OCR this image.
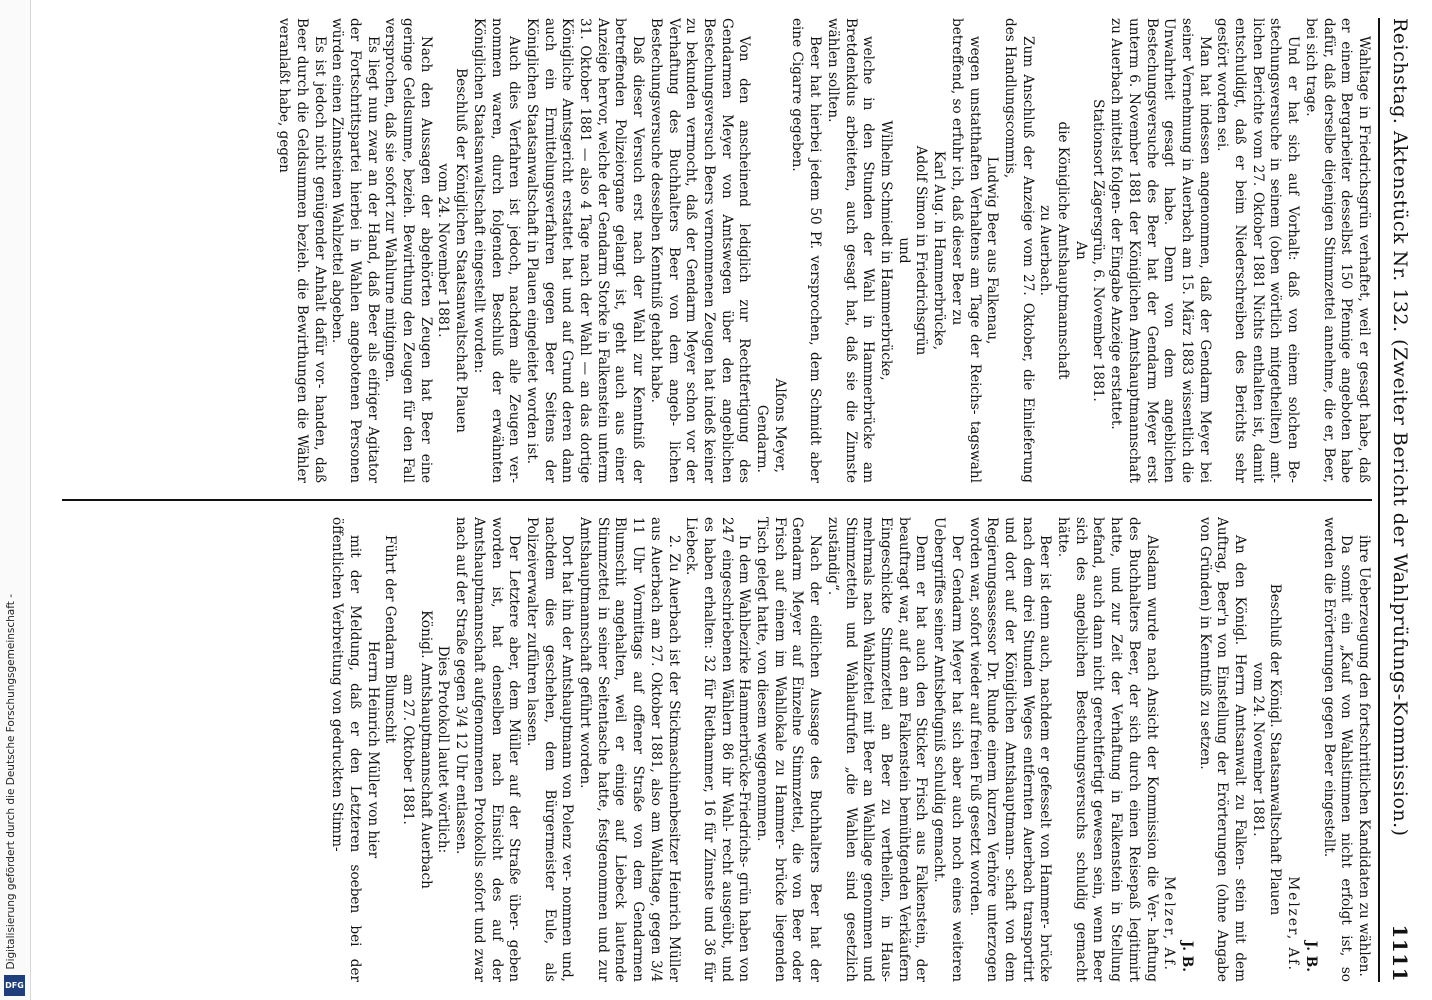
Digitalisierung gefördert durch die Deutsche Forschungsgemeinschaft -
DFG
Reichstag. Aktenstück Nr. 132. (Zweiter Bericht der Wahlprüfungs-Kommission.)
1111

Wahltage in Friedrichsgrün verhaftet, weil er gesagt habe, daß er einem Bergarbeiter desselbst 150 Pfennige angeboten habe dafür, daß derselbe diejenigen Stimmzettel annehme, die er, Beer, bei sich trage.

Und er hat sich auf Vorhalt: daß von einem solchen Be- stechungsversuche in seinem (oben wörtlich mitgetheilten) amt- lichen Berichte vom 27. Oktober 1881 Nichts enthalten ist, damit entschuldigt, daß er beim Niederschreiben des Berichts sehr gestört worden sei.

Man hat indessen angenommen, daß der Gendarm Meyer bei seiner Vernehmung in Auerbach am 15. März 1883 wissentlich die Unwahrheit gesagt habe. Denn von dem angeblichen Bestechungsversuche des Beer hat der Gendarm Meyer erst unterm 6. November 1881 der Königlichen Amtshauptmannschaft zu Auerbach mittelst folgen- der Eingabe Anzeige erstattet.

Stationsort Zägersgrün, 6. November 1881.

An

die Königliche Amtshauptmannschaft

zu Auerbach.

Zum Anschluß der Anzeige vom 27. Oktober, die Einlieferung des Handlungscommis,

Ludwig Beer aus Falkenau,

wegen unstatthaften Verhaltens am Tage der Reichs- tagswahl betreffend, so erfuhr ich, daß dieser Beer zu

Karl Aug. in Hammerbrücke,

Adolf Simon in Friedrichsgrün

und

Wilhelm Schmiedt in Hammerbrücke,

welche in den Stunden der Wahl in Hammerbrücke am Bretdenkdus arbeiteten, auch gesagt hat, daß sie die Zinnste wählen sollten.

Beer hat hierbei jedem 50 Pf. versprochen, dem Schmidt aber eine Cigarre gegeben.

Alfons Meyer,

Gendarm.

Von den anscheinend lediglich zur Rechtfertigung des Gendarmen Meyer von Amtswegen über den angeblichen Bestechungsversuch Beers vernommenen Zeugen hat indeß keiner zu bekunden vermocht, daß der Gendarm Meyer schon vor der Verhaftung des Buchhalters Beer von dem angeb- lichen Bestechungsversuche desselben Kenntniß gehabt habe.

Daß dieser Versuch erst nach der Wahl zur Kenntniß der betreffenden Polizeiorgane gelangt ist, geht auch aus einer Anzeige hervor, welche der Gendarm Storke in Falkenstein unterm 31. Oktober 1881 — also 4 Tage nach der Wahl — an das dortige Königliche Amtsgericht erstattet hat und auf Grund deren dann auch ein Ermittelungsverfahren gegen Beer Seitens der Königlichen Staatsanwaltschaft in Plauen eingeleitet worden ist.

Auch dies Verfahren ist jedoch, nachdem alle Zeugen ver- nommen waren, durch folgenden Beschluß der erwähnten Königlichen Staatsanwaltschaft eingestellt worden:

Beschluß der Königlichen Staatsanwaltschaft Plauen

vom 24. November 1881.

Nach den Aussagen der abgehörten Zeugen hat Beer eine geringe Geldsumme, bezieh. Bewirthung den Zeugen für den Fall versprochen, daß sie sofort zur Wahlurne mitgingen.

Es liegt nun zwar an der Hand, daß Beer als eifriger Agitator der Fortschrittspartei hierbei in Wahlen angebotenen Personen würden einen Zinnsteinen Wahlzettel abgeben.

Es ist jedoch nicht genügender Anhalt dafür vor- handen, daß Beer durch die Geldsummen bezieh. die Bewirthungen die Wähler veranlaßt habe, gegen

ihre Ueberzeugung den fortschrittlichen Kandidaten zu wählen.

Da somit ein „Kauf von Wahlstimmen nicht erfolgt ist, so werden die Erörterungen gegen Beer eingestellt.

J. B.

Melzer, Af.

Beschluß der Königl. Staatsanwaltschaft Plauen

vom 24. November 1881.

An den Königl. Herrn Amtsanwalt zu Falken- stein mit dem Auftrag, Beer'n von Einstellung der Erörterungen (ohne Angabe von Gründen) in Kenntniß zu setzen.

J. B.

Melzer, Af.

Alsdann wurde nach Ansicht der Kommission die Ver- haftung des Buchhalters Beer, der sich durch einen Reisepaß legitimirt hatte, und zur Zeit der Verhaftung in Falkenstein in Stellung befand, auch dann nicht gerechtfertigt gewesen sein, wenn Beer sich des angeblichen Bestechungsversuchs schuldig gemacht hätte.

Beer ist denn auch, nachdem er gefesselt von Hammer- brücke nach dem drei Stunden Weges entfernten Auerbach transportirt und dort auf der Königlichen Amtshauptmann- schaft von dem Regierungsassessor Dr. Runde einem kurzen Verhöre unterzogen worden war, sofort wieder auf freien Fuß gesetzt worden.

Der Gendarm Meyer hat sich aber auch noch eines weiteren Uebergriffes seiner Amtsbefugniß schuldig gemacht.

Denn er hat auch den Sticker Frisch aus Falkenstein, der beauftragt war, auf den am Falkenstein bemühtgenden Verkäufern Eingeschickte Stimmzettel an Beer zu vertheilen, in Haus- mehrmals nach Wahlzettel mit Beer an Wahllage genommen und Stimmzetteln und Wahlaufrufen „die Wahlen sind gesetzlich zuständig“.

Nach der eidlichen Aussage des Buchhalters Beer hat der Gendarm Meyer auf Einzelne Stimmzettel, die von Beer oder Frisch auf einem im Wahllokale zu Hammer- brücke liegenden Tisch gelegt hatte, von diesem weggenommen.

In dem Wahlbezirke Hammerbrücke-Friedrichs- grün haben von 247 eingeschriebenen Wählern 86 ihr Wahl- recht ausgeübt, und es haben erhalten: 32 für Riethammer, 16 für Zinnste und 36 für Liebeck.

2. Zu Auerbach ist der Stickmaschinenbesitzer Heinrich Müller aus Auerbach am 27. Oktober 1881, also am Wahltage, gegen 3/4 11 Uhr Vormittags auf offener Straße von dem Gendarmen Blumschit angehalten, weil er einige auf Liebeck lautende Stimmzettel in seiner Seitentasche hatte, festgenommen und zur Amtshauptmannschaft geführt worden.

Dort hat ihn der Amtshauptmann von Polenz ver- nommen und, nachdem dies geschehen, dem Bürgermeister Eule, als Polizeiverwalter zuführen lassen.

Der Letztere aber, dem Müller auf der Straße über- geben worden ist, hat denselben nach Einsicht des auf der Amtshauptmannschaft aufgenommenen Protokolls sofort und zwar nach auf der Straße gegen 3/4 12 Uhr entlassen.

Dies Protokoll lautet wörtlich:

Königl. Amtshauptmannschaft Auerbach

am 27. Oktober 1881.

Führt der Gendarm Blumschit

Herrn Heinrich Müller von hier

mit der Meldung, daß er den Letzteren soeben bei der öffentlichen Verbreitung von gedruckten Stimm-
